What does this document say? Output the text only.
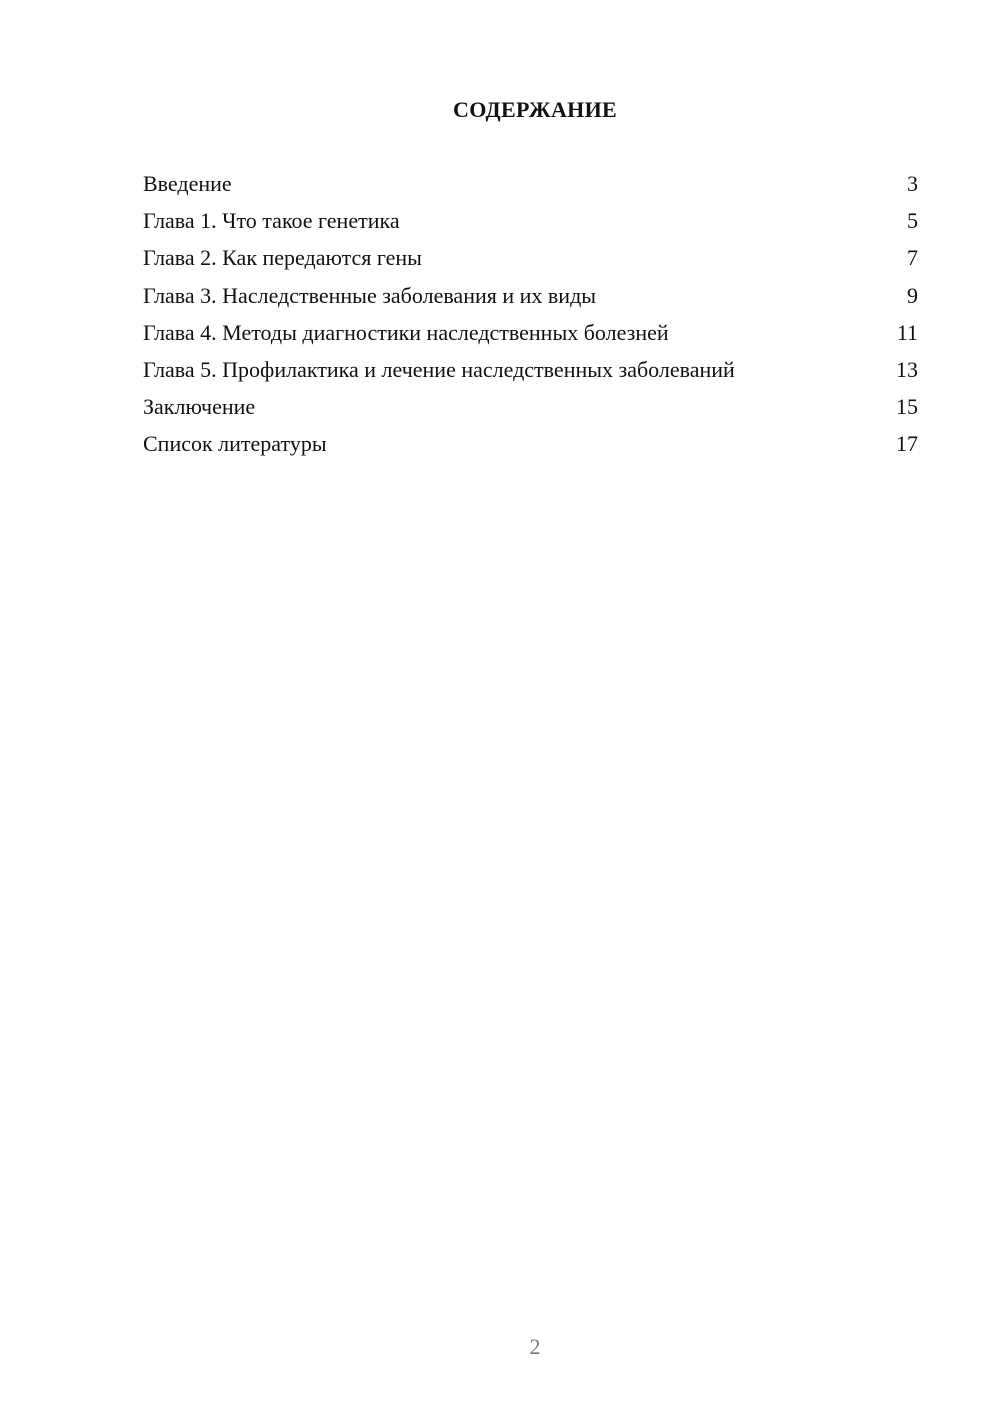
СОДЕРЖАНИЕ
Введение	3
Глава 1. Что такое генетика	5
Глава 2. Как передаются гены	7
Глава 3. Наследственные заболевания и их виды	9
Глава 4. Методы диагностики наследственных болезней	11
Глава 5. Профилактика и лечение наследственных заболеваний	13
Заключение	15
Список литературы	17
2
